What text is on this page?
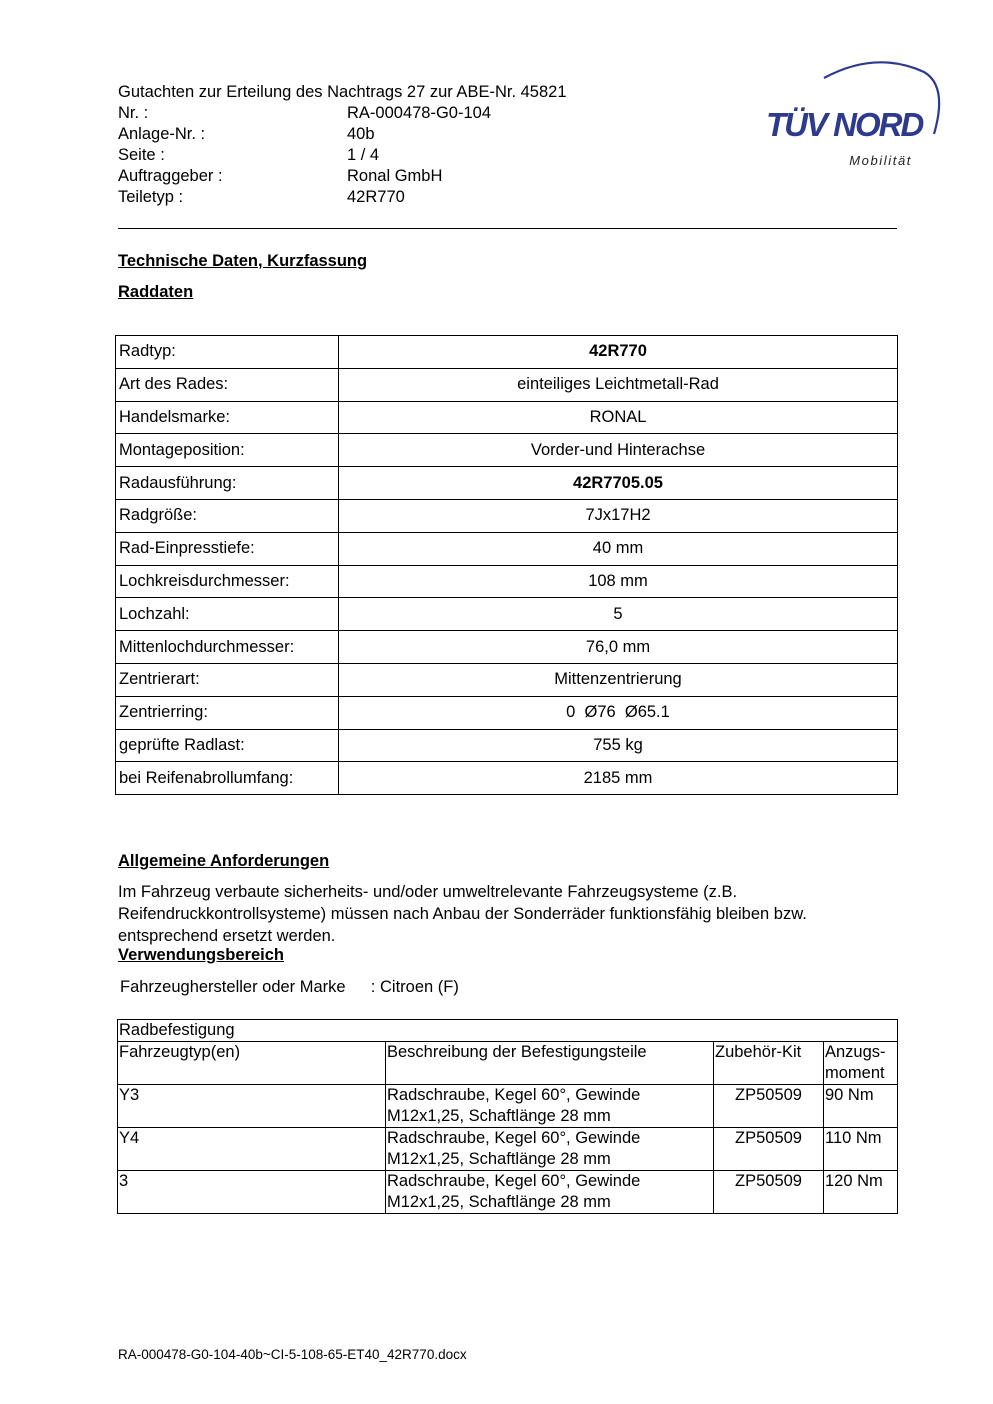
Gutachten zur Erteilung des Nachtrags 27 zur ABE-Nr. 45821
Nr. :	RA-000478-G0-104
Anlage-Nr. :	40b
Seite :	1 / 4
Auftraggeber :	Ronal GmbH
Teiletyp :	42R770
TÜV NORD
Mobilität
Technische Daten, Kurzfassung
Raddaten
Radtyp:	42R770
Art des Rades:	einteiliges Leichtmetall-Rad
Handelsmarke:	RONAL
Montageposition:	Vorder-und Hinterachse
Radausführung:	42R7705.05
Radgröße:	7Jx17H2
Rad-Einpresstiefe:	40 mm
Lochkreisdurchmesser:	108 mm
Lochzahl:	5
Mittenlochdurchmesser:	76,0 mm
Zentrierart:	Mittenzentrierung
Zentrierring:	0  Ø76  Ø65.1
geprüfte Radlast:	755 kg
bei Reifenabrollumfang:	2185 mm
Allgemeine Anforderungen
Im Fahrzeug verbaute sicherheits- und/oder umweltrelevante Fahrzeugsysteme (z.B. Reifendruckkontrollsysteme) müssen nach Anbau der Sonderräder funktionsfähig bleiben bzw. entsprechend ersetzt werden.
Verwendungsbereich
Fahrzeughersteller oder Marke : Citroen (F)
Radbefestigung			
Fahrzeugtyp(en)	Beschreibung der Befestigungsteile	Zubehör-Kit	Anzugs-moment
Y3	Radschraube, Kegel 60°, Gewinde M12x1,25, Schaftlänge 28 mm	ZP50509	90 Nm
Y4	Radschraube, Kegel 60°, Gewinde M12x1,25, Schaftlänge 28 mm	ZP50509	110 Nm
3	Radschraube, Kegel 60°, Gewinde M12x1,25, Schaftlänge 28 mm	ZP50509	120 Nm
RA-000478-G0-104-40b~CI-5-108-65-ET40_42R770.docx
